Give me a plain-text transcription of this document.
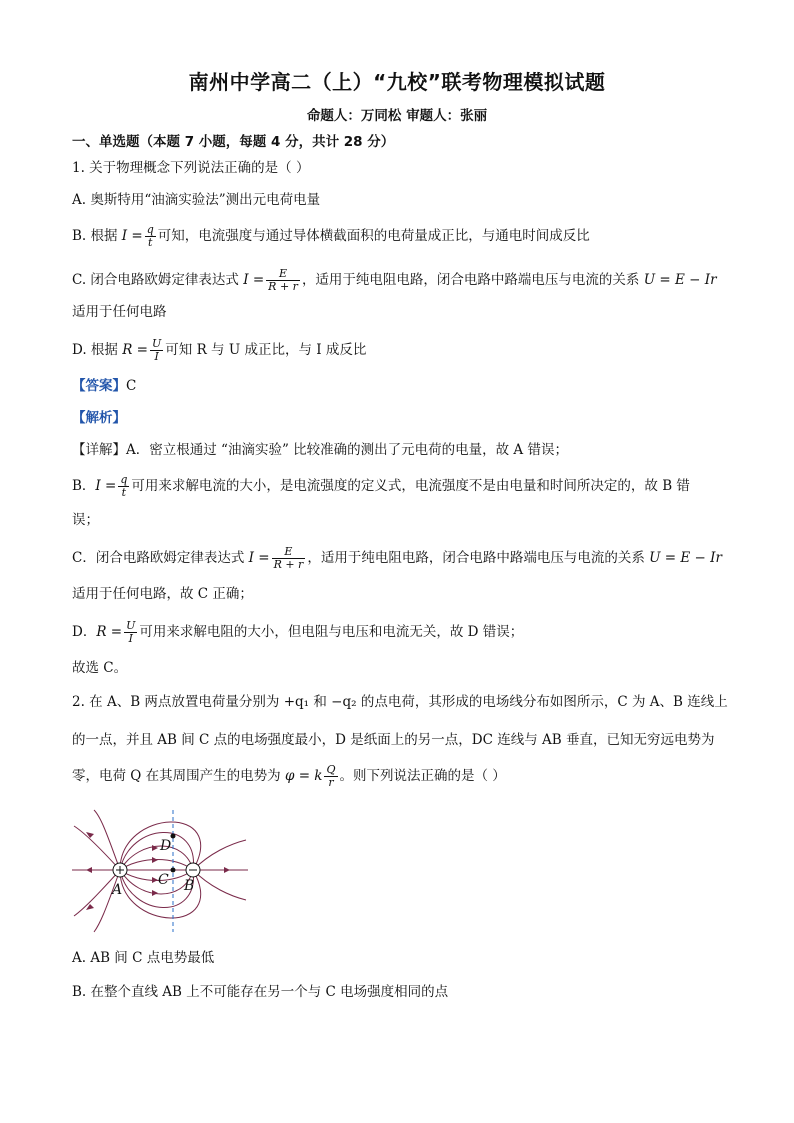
南州中学高二（上）“九校”联考物理模拟试题
命题人：万同松 审题人：张丽
一、单选题（本题 7 小题，每题 4 分，共计 28 分）
1. 关于物理概念下列说法正确的是（ ）
A. 奥斯特用“油滴实验法”测出元电荷电量
B. 根据 $I = \frac{q}{t}$ 可知，电流强度与通过导体横截面积的电荷量成正比，与通电时间成反比
C. 闭合电路欧姆定律表达式 $I = \frac{E}{R + r}$ ，适用于纯电阻电路，闭合电路中路端电压与电流的关系 U = E − Ir
适用于任何电路
D. 根据 $R = \frac{U}{I}$ 可知 R 与 U 成正比，与 I 成反比
【答案】C
【解析】
【详解】A．密立根通过 “油滴实验” 比较准确的测出了元电荷的电量，故 A 错误；
B．$I = \frac{q}{t}$ 可用来求解电流的大小，是电流强度的定义式，电流强度不是由电量和时间所决定的，故 B 错
误；
C．闭合电路欧姆定律表达式 $I = \frac{E}{R + r}$ ，适用于纯电阻电路，闭合电路中路端电压与电流的关系 U = E − Ir
适用于任何电路，故 C 正确；
D．$R = \frac{U}{I}$ 可用来求解电阻的大小，但电阻与电压和电流无关，故 D 错误；
故选 C。
2. 在 A、B 两点放置电荷量分别为 +q₁ 和 −q₂ 的点电荷，其形成的电场线分布如图所示，C 为 A、B 连线上
的一点，并且 AB 间 C 点的电场强度最小，D 是纸面上的另一点，DC 连线与 AB 垂直，已知无穷远电势为
零，电荷 Q 在其周围产生的电势为 φ = k $\frac{Q}{r}$ 。则下列说法正确的是（ ）
A	B
C
D
A. AB 间 C 点电势最低
B. 在整个直线 AB 上不可能存在另一个与 C 电场强度相同的点
